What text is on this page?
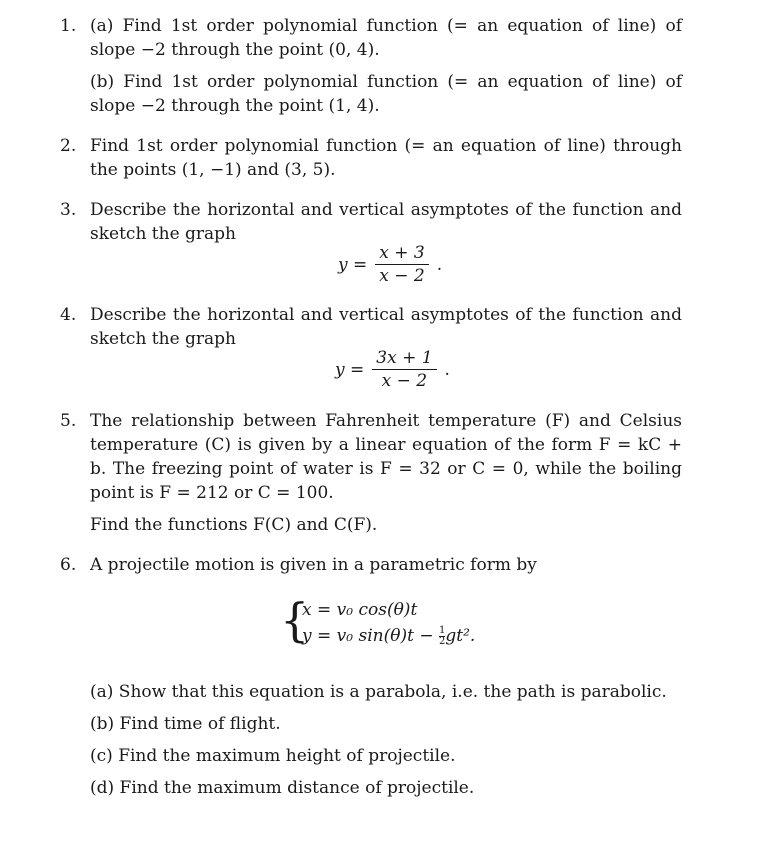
1. (a) Find 1st order polynomial function (= an equation of line) of slope −2 through the point (0, 4).

(b) Find 1st order polynomial function (= an equation of line) of slope −2 through the point (1, 4).

2. Find 1st order polynomial function (= an equation of line) through the points (1, −1) and (3, 5).

3. Describe the horizontal and vertical asymptotes of the function and sketch the graph

$y = \frac{x + 3}{x - 2}$ .
4. Describe the horizontal and vertical asymptotes of the function and sketch the graph

$y = \frac{3x + 1}{x - 2}$ .
5. The relationship between Fahrenheit temperature (F) and Celsius temperature (C) is given by a linear equation of the form F = kC + b. The freezing point of water is F = 32 or C = 0, while the boiling point is F = 212 or C = 100.

Find the functions F(C) and C(F).

6. A projectile motion is given in a parametric form by

{
x = v₀ cos(θ)t
y = v₀ $\sin(\theta)t - \frac{1}{2}gt^2$.
(a) Show that this equation is a parabola, i.e. the path is parabolic.
(b) Find time of flight.
(c) Find the maximum height of projectile.
(d) Find the maximum distance of projectile.
